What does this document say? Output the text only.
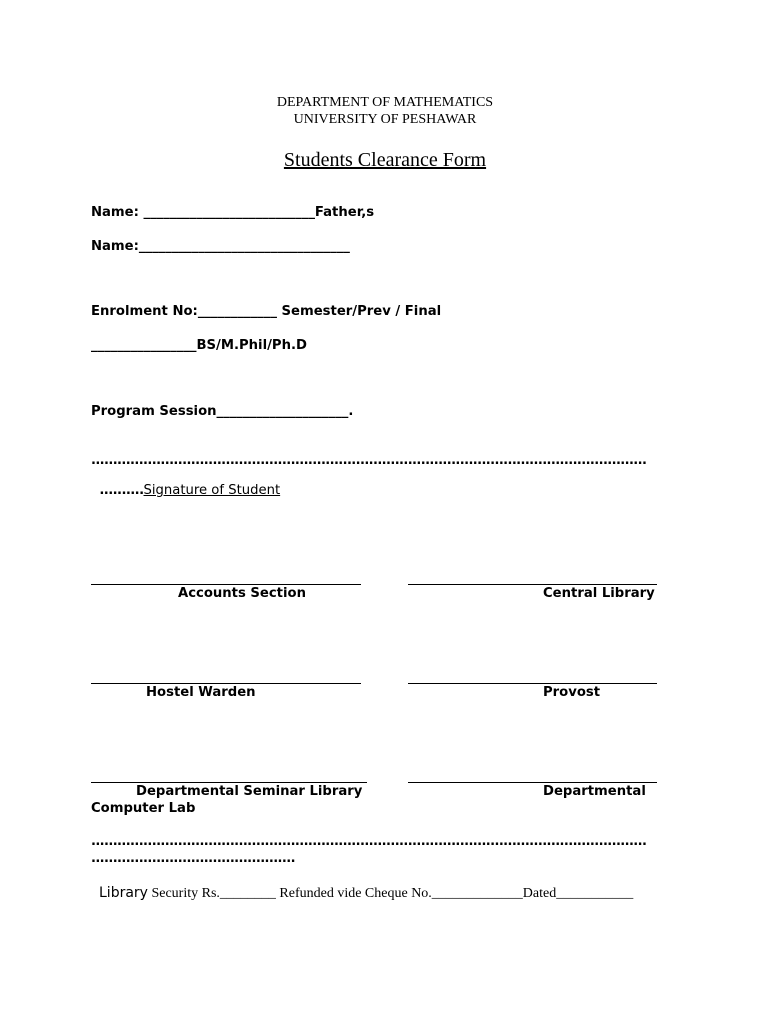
DEPARTMENT OF MATHEMATICS
UNIVERSITY OF PESHAWAR
Students Clearance Form
Name: __________________________Father,s
Name:________________________________
Enrolment No:____________ Semester/Prev / Final
________________BS/M.Phil/Ph.D
Program Session____________________.
................................................................................................................................

..........Signature of Student

Accounts Section	Central Library
Hostel Warden	Provost
Departmental Seminar Library	Departmental
Computer Lab
................................................................................................................................
...............................................

Library Security Rs.________ Refunded vide Cheque No._____________Dated___________
